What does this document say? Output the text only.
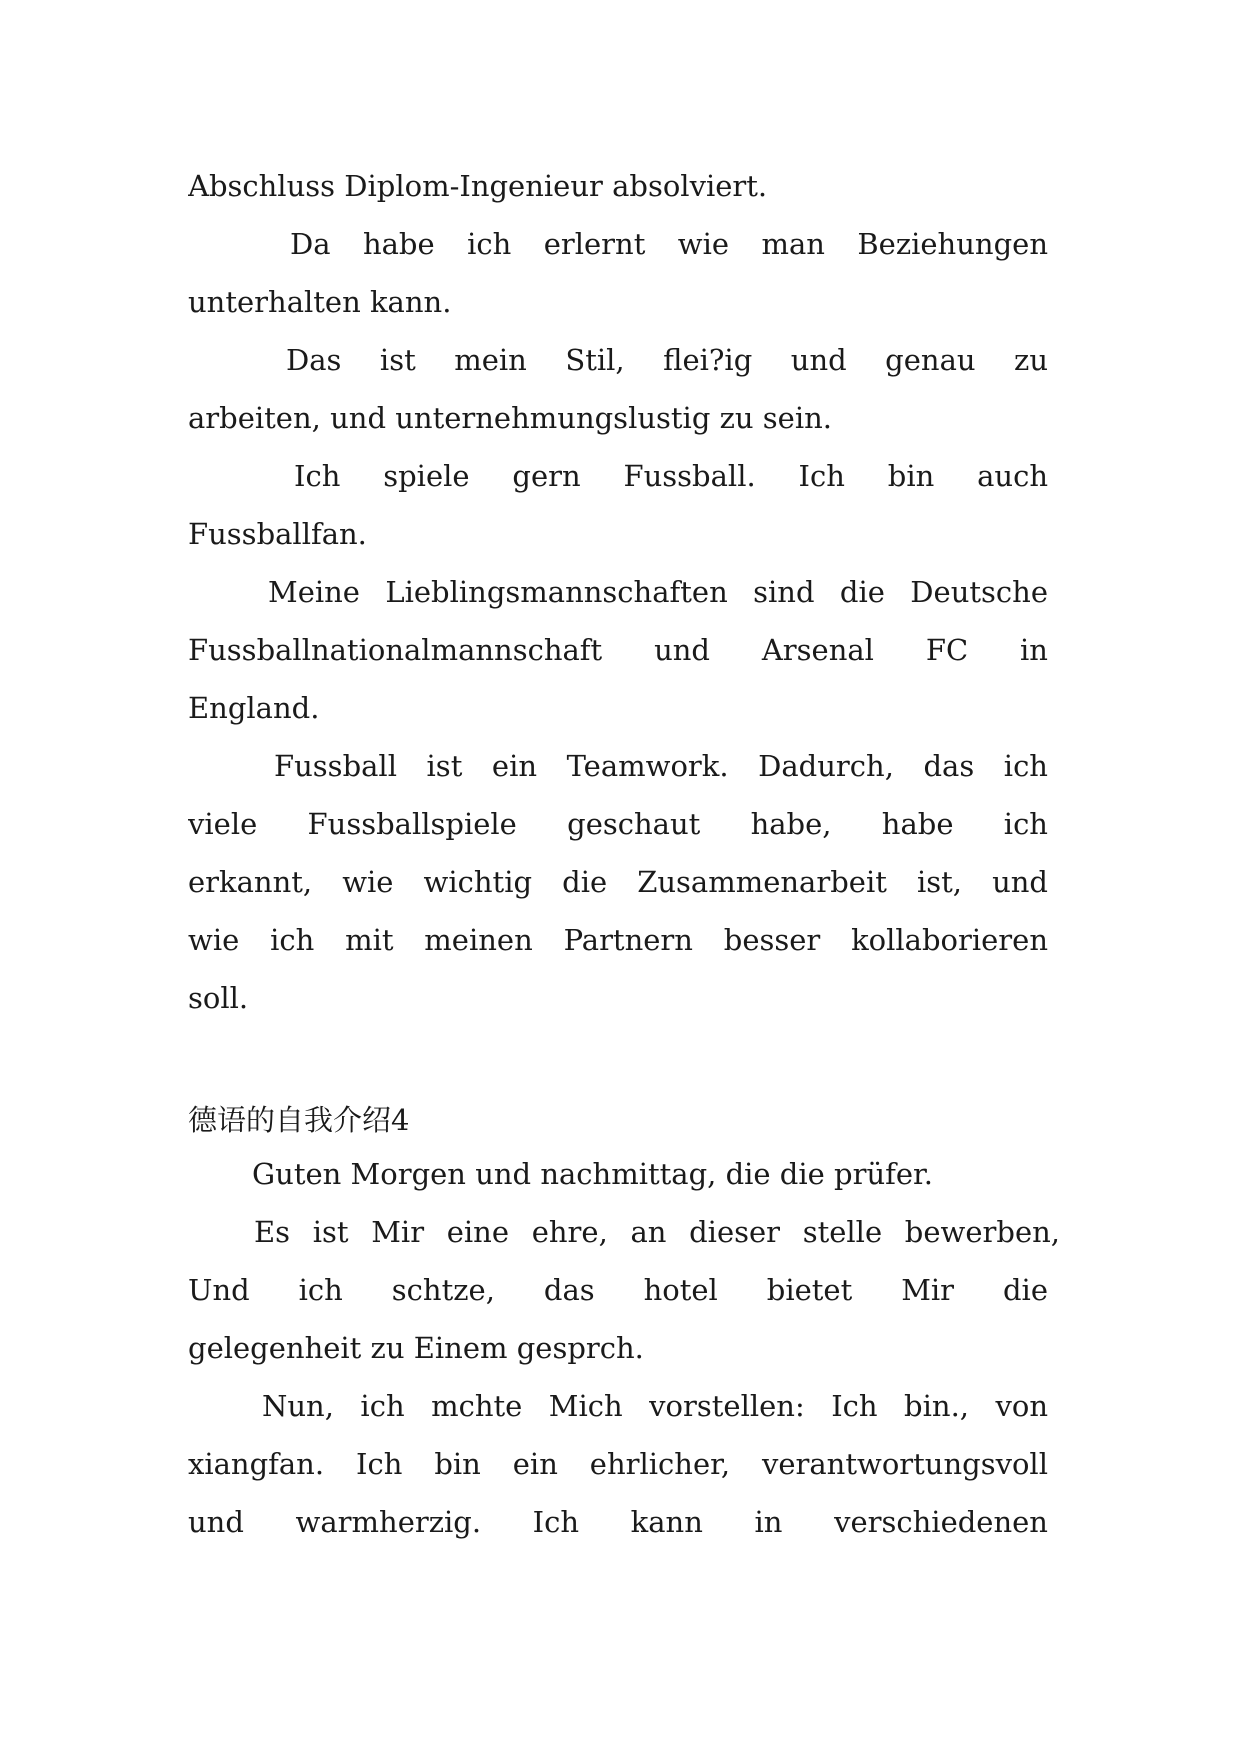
Abschluss Diplom-Ingenieur absolviert.
Da habe ich erlernt wie man Beziehungen
unterhalten kann.
Das ist mein Stil, flei?ig und genau zu
arbeiten, und unternehmungslustig zu sein.
Ich spiele gern Fussball. Ich bin auch
Fussballfan.
Meine Lieblingsmannschaften sind die Deutsche
Fussballnationalmannschaft und Arsenal FC in
England.
Fussball ist ein Teamwork. Dadurch, das ich
viele Fussballspiele geschaut habe, habe ich
erkannt, wie wichtig die Zusammenarbeit ist, und
wie ich mit meinen Partnern besser kollaborieren
soll.
德语的自我介绍4
Guten Morgen und nachmittag, die die prüfer.
Es ist Mir eine ehre, an dieser stelle bewerben,
Und ich schtze, das hotel bietet Mir die
gelegenheit zu Einem gesprch.
Nun, ich mchte Mich vorstellen: Ich bin., von
xiangfan. Ich bin ein ehrlicher, verantwortungsvoll
und warmherzig. Ich kann in verschiedenen
